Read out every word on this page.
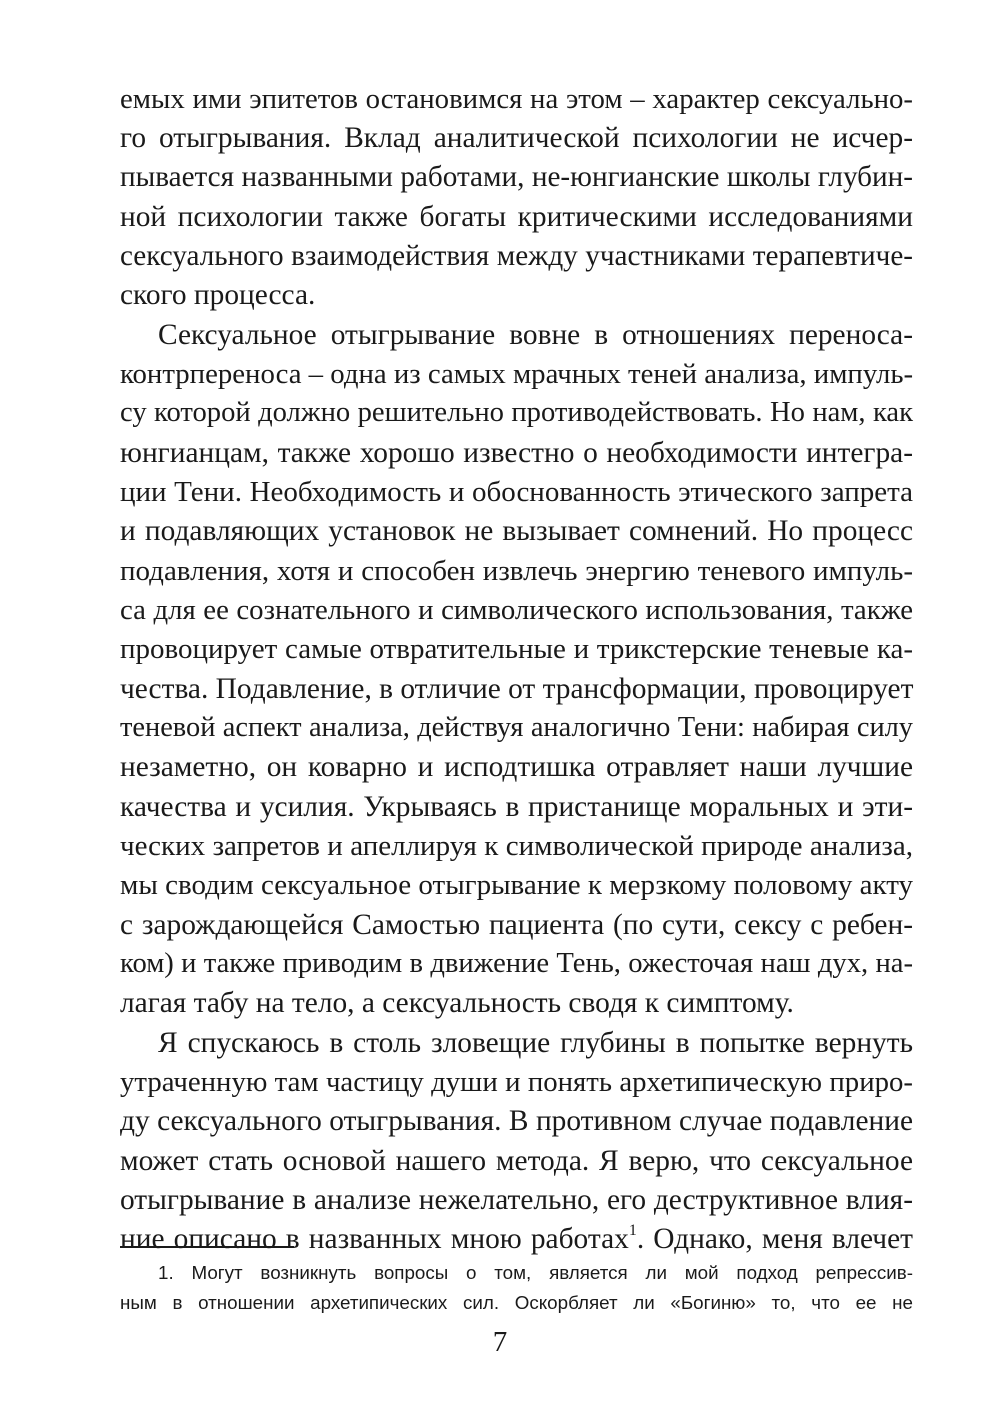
емых ими эпитетов остановимся на этом – характер сексуально-

го отыгрывания. Вклад аналитической психологии не исчер-

пывается названными работами, не-юнгианские школы глубин-

ной психологии также богаты критическими исследованиями

сексуального взаимодействия между участниками терапевтиче-

ского процесса.

Сексуальное отыгрывание вовне в отношениях переноса-

контрпереноса – одна из самых мрачных теней анализа, импуль-

су которой должно решительно противодействовать. Но нам, как

юнгианцам, также хорошо известно о необходимости интегра-

ции Тени. Необходимость и обоснованность этического запрета

и подавляющих установок не вызывает сомнений. Но процесс

подавления, хотя и способен извлечь энергию теневого импуль-

са для ее сознательного и символического использования, также

провоцирует самые отвратительные и трикстерские теневые ка-

чества. Подавление, в отличие от трансформации, провоцирует

теневой аспект анализа, действуя аналогично Тени: набирая силу

незаметно, он коварно и исподтишка отравляет наши лучшие

качества и усилия. Укрываясь в пристанище моральных и эти-

ческих запретов и апеллируя к символической природе анализа,

мы сводим сексуальное отыгрывание к мерзкому половому акту

с зарождающейся Самостью пациента (по сути, сексу с ребен-

ком) и также приводим в движение Тень, ожесточая наш дух, на-

лагая табу на тело, а сексуальность сводя к симптому.

Я спускаюсь в столь зловещие глубины в попытке вернуть

утраченную там частицу души и понять архетипическую приро-

ду сексуального отыгрывания. В противном случае подавление

может стать основой нашего метода. Я верю, что сексуальное

отыгрывание в анализе нежелательно, его деструктивное влия-

ние описано в названных мною работах$^1$. Однако, меня влечет

1. Могут возникнуть вопросы о том, является ли мой подход репрессив-

ным в отношении архетипических сил. Оскорбляет ли «Богиню» то, что ее не

7
